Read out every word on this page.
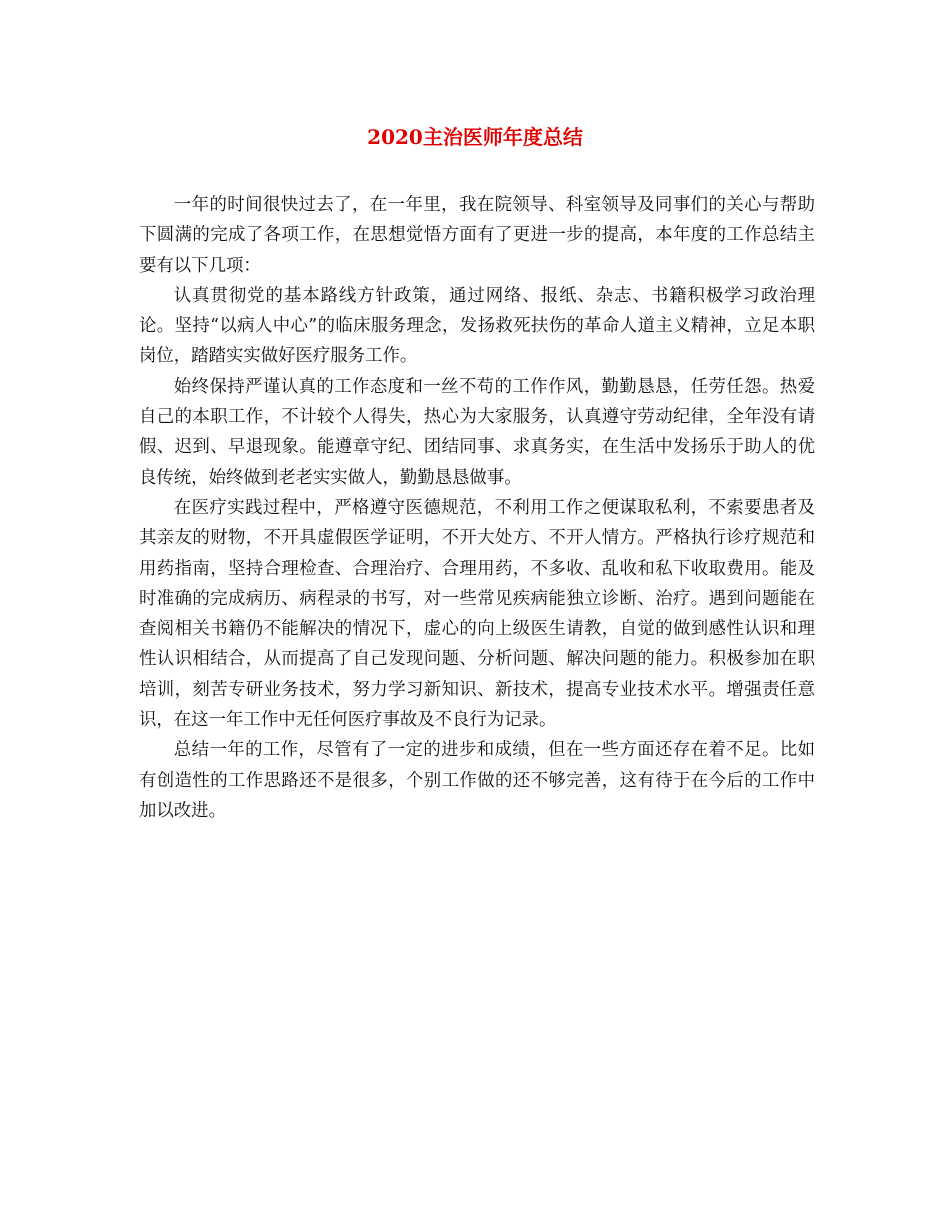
2020主治医师年度总结

一年的时间很快过去了，在一年里，我在院领导、科室领导及同事们的关心与帮助下圆满的完成了各项工作，在思想觉悟方面有了更进一步的提高，本年度的工作总结主要有以下几项：

认真贯彻党的基本路线方针政策，通过网络、报纸、杂志、书籍积极学习政治理论。坚持“以病人中心”的临床服务理念，发扬救死扶伤的革命人道主义精神，立足本职岗位，踏踏实实做好医疗服务工作。

始终保持严谨认真的工作态度和一丝不苟的工作作风，勤勤恳恳，任劳任怨。热爱自己的本职工作，不计较个人得失，热心为大家服务，认真遵守劳动纪律，全年没有请假、迟到、早退现象。能遵章守纪、团结同事、求真务实，在生活中发扬乐于助人的优良传统，始终做到老老实实做人，勤勤恳恳做事。

在医疗实践过程中，严格遵守医德规范，不利用工作之便谋取私利，不索要患者及其亲友的财物，不开具虚假医学证明，不开大处方、不开人情方。严格执行诊疗规范和用药指南，坚持合理检查、合理治疗、合理用药，不多收、乱收和私下收取费用。能及时准确的完成病历、病程录的书写，对一些常见疾病能独立诊断、治疗。遇到问题能在查阅相关书籍仍不能解决的情况下，虚心的向上级医生请教，自觉的做到感性认识和理性认识相结合，从而提高了自己发现问题、分析问题、解决问题的能力。积极参加在职培训，刻苦专研业务技术，努力学习新知识、新技术，提高专业技术水平。增强责任意识，在这一年工作中无任何医疗事故及不良行为记录。

总结一年的工作，尽管有了一定的进步和成绩，但在一些方面还存在着不足。比如有创造性的工作思路还不是很多，个别工作做的还不够完善，这有待于在今后的工作中加以改进。
